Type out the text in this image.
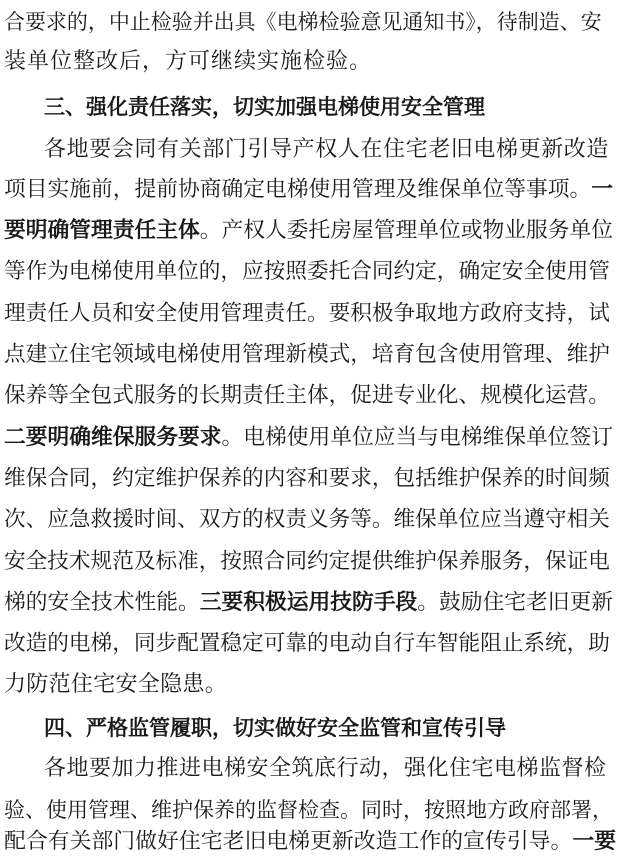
合要求的，中止检验并出具《电梯检验意见通知书》，待制造、安
装单位整改后，方可继续实施检验。
三、强化责任落实，切实加强电梯使用安全管理
各地要会同有关部门引导产权人在住宅老旧电梯更新改造
项目实施前，提前协商确定电梯使用管理及维保单位等事项。一
要明确管理责任主体。产权人委托房屋管理单位或物业服务单位
等作为电梯使用单位的，应按照委托合同约定，确定安全使用管
理责任人员和安全使用管理责任。要积极争取地方政府支持，试
点建立住宅领域电梯使用管理新模式，培育包含使用管理、维护
保养等全包式服务的长期责任主体，促进专业化、规模化运营。
二要明确维保服务要求。电梯使用单位应当与电梯维保单位签订
维保合同，约定维护保养的内容和要求，包括维护保养的时间频
次、应急救援时间、双方的权责义务等。维保单位应当遵守相关
安全技术规范及标准，按照合同约定提供维护保养服务，保证电
梯的安全技术性能。三要积极运用技防手段。鼓励住宅老旧更新
改造的电梯，同步配置稳定可靠的电动自行车智能阻止系统，助
力防范住宅安全隐患。
四、严格监管履职，切实做好安全监管和宣传引导
各地要加力推进电梯安全筑底行动，强化住宅电梯监督检
验、使用管理、维护保养的监督检查。同时，按照地方政府部署，
配合有关部门做好住宅老旧电梯更新改造工作的宣传引导。一要
